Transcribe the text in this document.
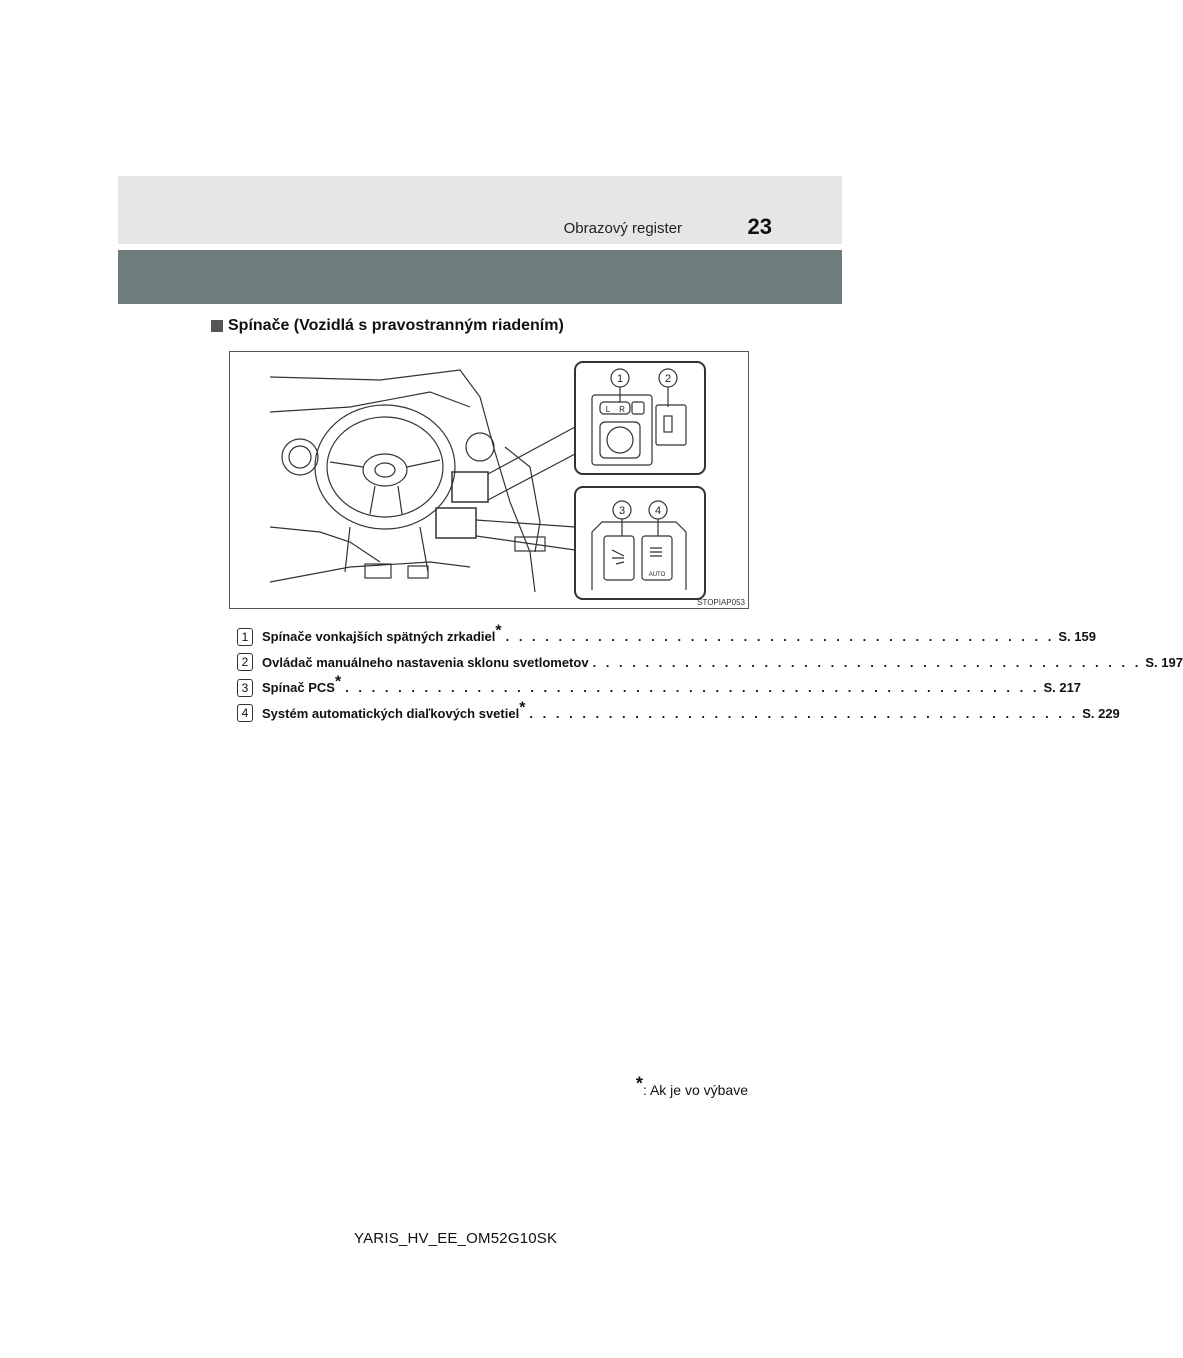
Obrazový register	23
Spínače (Vozidlá s pravostranným riadením)
1	2
3	4
L R
AUTO
STOPIAP053
1	Spínače vonkajších spätných zrkadiel* . . . . . . . . . . . . . . . . . . . . . . . . . . . . . . . . . . . . . . . . . . S. 159
2	Ovládač manuálneho nastavenia sklonu svetlometov . . . . . . . . . . . . . . . . . . . . . . . . . . . . . . . . . . . . . . . . . . S. 197
3	Spínač PCS* . . . . . . . . . . . . . . . . . . . . . . . . . . . . . . . . . . . . . . . . . . . . . . . . . . . . . S. 217
4	Systém automatických diaľkových svetiel* . . . . . . . . . . . . . . . . . . . . . . . . . . . . . . . . . . . . . . . . . . S. 229
*: Ak je vo výbave
YARIS_HV_EE_OM52G10SK
